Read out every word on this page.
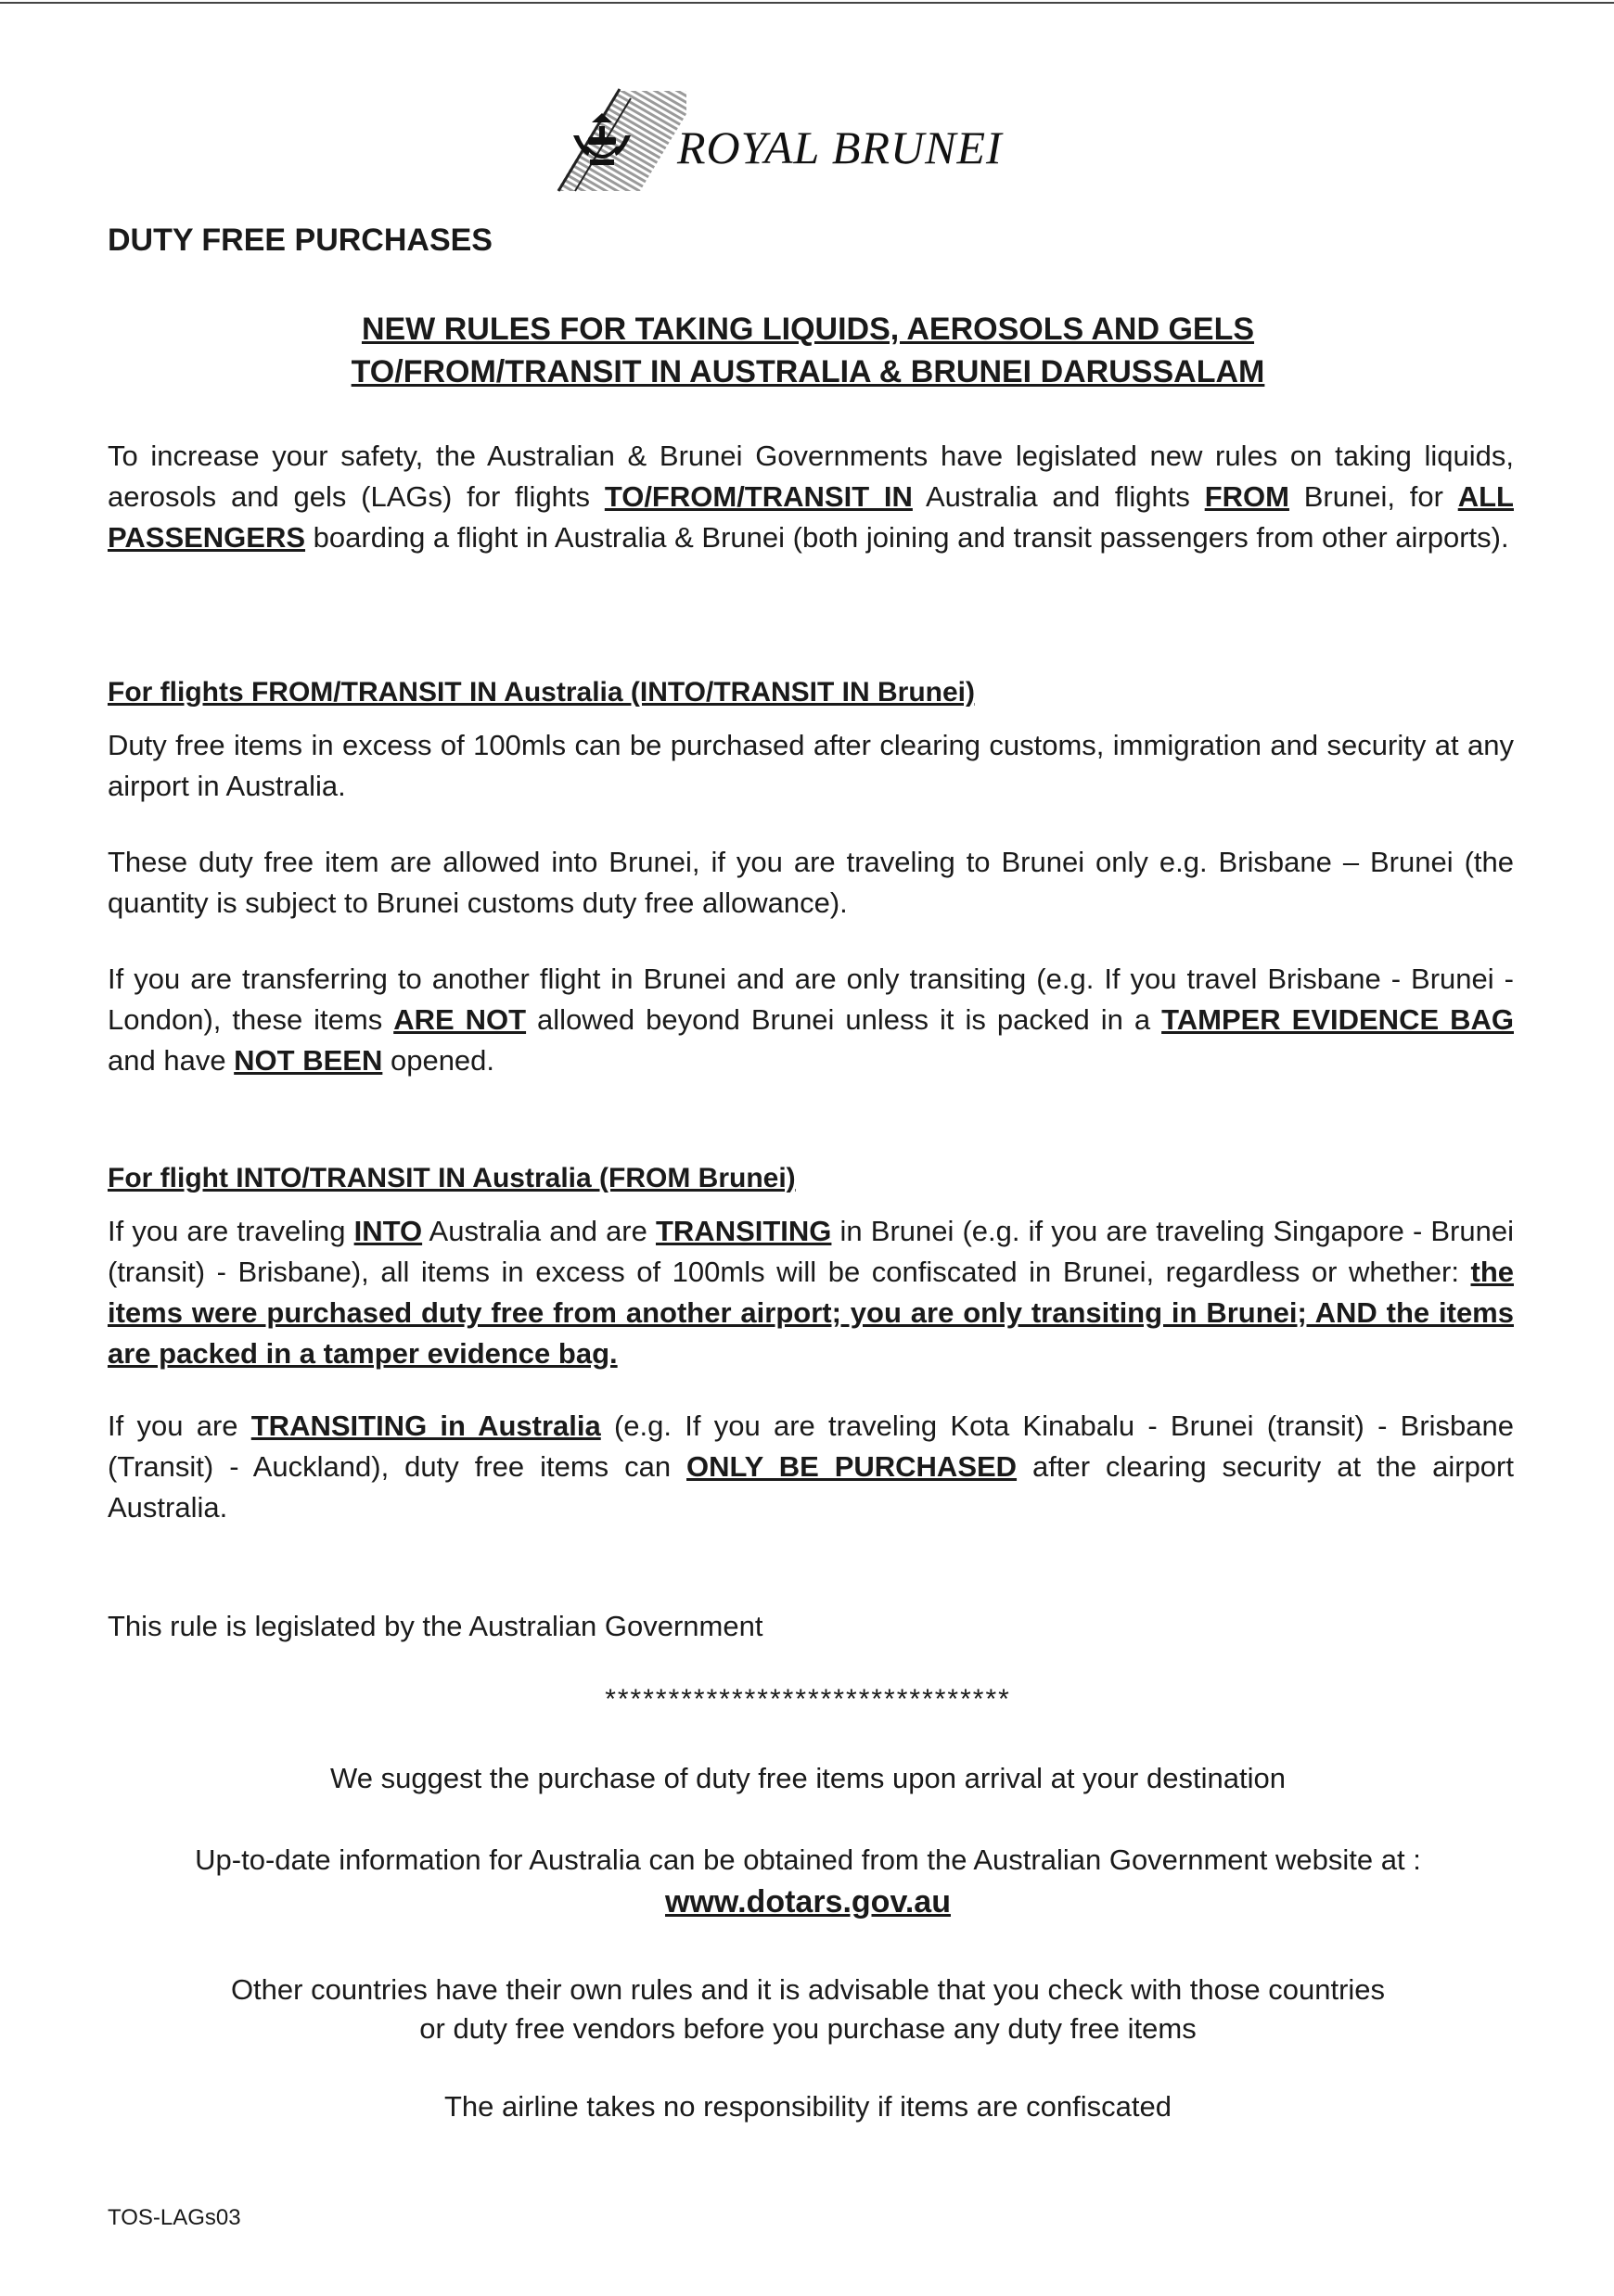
ROYAL BRUNEI
DUTY FREE PURCHASES
NEW RULES FOR TAKING LIQUIDS, AEROSOLS AND GELS
TO/FROM/TRANSIT IN AUSTRALIA & BRUNEI DARUSSALAM

To increase your safety, the Australian & Brunei Governments have legislated new rules on taking liquids, aerosols and gels (LAGs) for flights TO/FROM/TRANSIT IN Australia and flights FROM Brunei, for ALL PASSENGERS boarding a flight in Australia & Brunei (both joining and transit passengers from other airports).

For flights FROM/TRANSIT IN Australia (INTO/TRANSIT IN Brunei)

Duty free items in excess of 100mls can be purchased after clearing customs, immigration and security at any airport in Australia.

These duty free item are allowed into Brunei, if you are traveling to Brunei only e.g. Brisbane – Brunei (the quantity is subject to Brunei customs duty free allowance).

If you are transferring to another flight in Brunei and are only transiting (e.g. If you travel Brisbane - Brunei - London), these items ARE NOT allowed beyond Brunei unless it is packed in a TAMPER EVIDENCE BAG and have NOT BEEN opened.

For flight INTO/TRANSIT IN Australia (FROM Brunei)

If you are traveling INTO Australia and are TRANSITING in Brunei (e.g. if you are traveling Singapore - Brunei (transit) - Brisbane), all items in excess of 100mls will be confiscated in Brunei, regardless or whether: the items were purchased duty free from another airport; you are only transiting in Brunei; AND the items are packed in a tamper evidence bag.

If you are TRANSITING in Australia (e.g. If you are traveling Kota Kinabalu - Brunei (transit) - Brisbane (Transit) - Auckland), duty free items can ONLY BE PURCHASED after clearing security at the airport Australia.

This rule is legislated by the Australian Government

********************************

We suggest the purchase of duty free items upon arrival at your destination

Up-to-date information for Australia can be obtained from the Australian Government website at :

www.dotars.gov.au

Other countries have their own rules and it is advisable that you check with those countries

or duty free vendors before you purchase any duty free items

The airline takes no responsibility if items are confiscated

TOS-LAGs03
